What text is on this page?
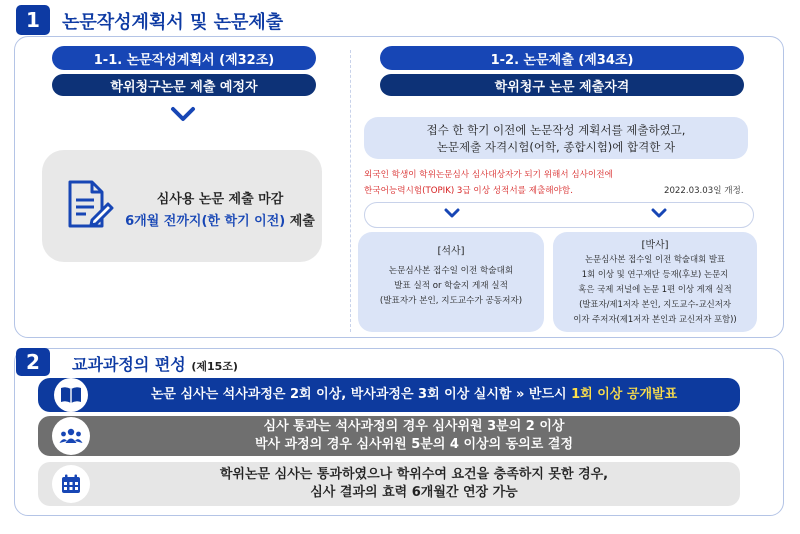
1	논문작성계획서 및 논문제출
1-1. 논문작성계획서 (제32조)
학위청구논문 제출 예정자
심사용 논문 제출 마감
6개월 전까지(한 학기 이전) 제출
1-2. 논문제출 (제34조)
학위청구 논문 제출자격
접수 한 학기 이전에 논문작성 계획서를 제출하였고,
논문제출 자격시험(어학, 종합시험)에 합격한 자
외국인 학생이 학위논문심사 심사대상자가 되기 위해서 심사이전에
한국어능력시험(TOPIK) 3급 이상 성적서를 제출해야함.	2022.03.03일 개정.
[석사]
논문심사본 접수일 이전 학술대회
발표 실적 or 학술지 게재 실적
(발표자가 본인, 지도교수가 공동저자)
[박사]
논문심사본 접수일 이전 학술대회 발표
1회 이상 및 연구재단 등재(후보) 논문지
혹은 국제 저널에 논문 1편 이상 게재 실적
(발표자/제1저자 본인, 지도교수-교신저자
이자 주저자(제1저자 본인과 교신저자 포함))
2	교과과정의 편성 (제15조)
논문 심사는 석사과정은 2회 이상, 박사과정은 3회 이상 실시함 » 반드시 1회 이상 공개발표
심사 통과는 석사과정의 경우 심사위원 3분의 2 이상
박사 과정의 경우 심사위원 5분의 4 이상의 동의로 결정
학위논문 심사는 통과하였으나 학위수여 요건을 충족하지 못한 경우,
심사 결과의 효력 6개월간 연장 가능
